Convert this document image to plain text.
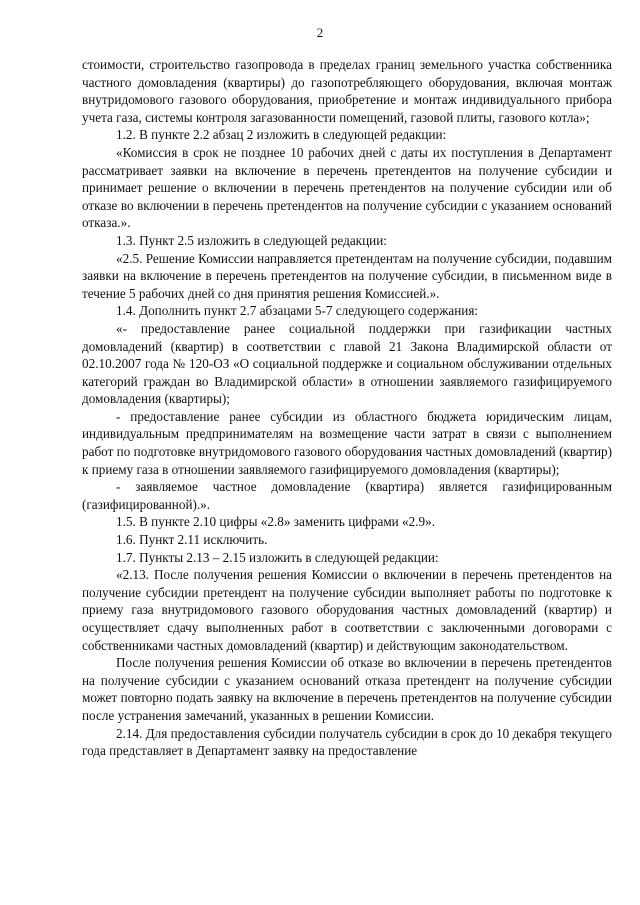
2

стоимости, строительство газопровода в пределах границ земельного участка собственника частного домовладения (квартиры) до газопотребляющего оборудования, включая монтаж внутридомового газового оборудования, приобретение и монтаж индивидуального прибора учета газа, системы контроля загазованности помещений, газовой плиты, газового котла»;

1.2. В пункте 2.2 абзац 2 изложить в следующей редакции:

«Комиссия в срок не позднее 10 рабочих дней с даты их поступления в Департамент рассматривает заявки на включение в перечень претендентов на получение субсидии и принимает решение о включении в перечень претендентов на получение субсидии или об отказе во включении в перечень претендентов на получение субсидии с указанием оснований отказа.».

1.3. Пункт 2.5 изложить в следующей редакции:

«2.5. Решение Комиссии направляется претендентам на получение субсидии, подавшим заявки на включение в перечень претендентов на получение субсидии, в письменном виде в течение 5 рабочих дней со дня принятия решения Комиссией.».

1.4. Дополнить пункт 2.7 абзацами 5-7 следующего содержания:

«- предоставление ранее социальной поддержки при газификации частных домовладений (квартир) в соответствии с главой 21 Закона Владимирской области от 02.10.2007 года № 120-ОЗ «О социальной поддержке и социальном обслуживании отдельных категорий граждан во Владимирской области» в отношении заявляемого газифицируемого домовладения (квартиры);

- предоставление ранее субсидии из областного бюджета юридическим лицам, индивидуальным предпринимателям на возмещение части затрат в связи с выполнением работ по подготовке внутридомового газового оборудования частных домовладений (квартир) к приему газа в отношении заявляемого газифицируемого домовладения (квартиры);

- заявляемое частное домовладение (квартира) является газифицированным (газифицированной).».

1.5. В пункте 2.10 цифры «2.8» заменить цифрами «2.9».

1.6. Пункт 2.11 исключить.

1.7. Пункты 2.13 – 2.15 изложить в следующей редакции:

«2.13. После получения решения Комиссии о включении в перечень претендентов на получение субсидии претендент на получение субсидии выполняет работы по подготовке к приему газа внутридомового газового оборудования частных домовладений (квартир) и осуществляет сдачу выполненных работ в соответствии с заключенными договорами с собственниками частных домовладений (квартир) и действующим законодательством.

После получения решения Комиссии об отказе во включении в перечень претендентов на получение субсидии с указанием оснований отказа претендент на получение субсидии может повторно подать заявку на включение в перечень претендентов на получение субсидии после устранения замечаний, указанных в решении Комиссии.

2.14. Для предоставления субсидии получатель субсидии в срок до 10 декабря текущего года представляет в Департамент заявку на предоставление
